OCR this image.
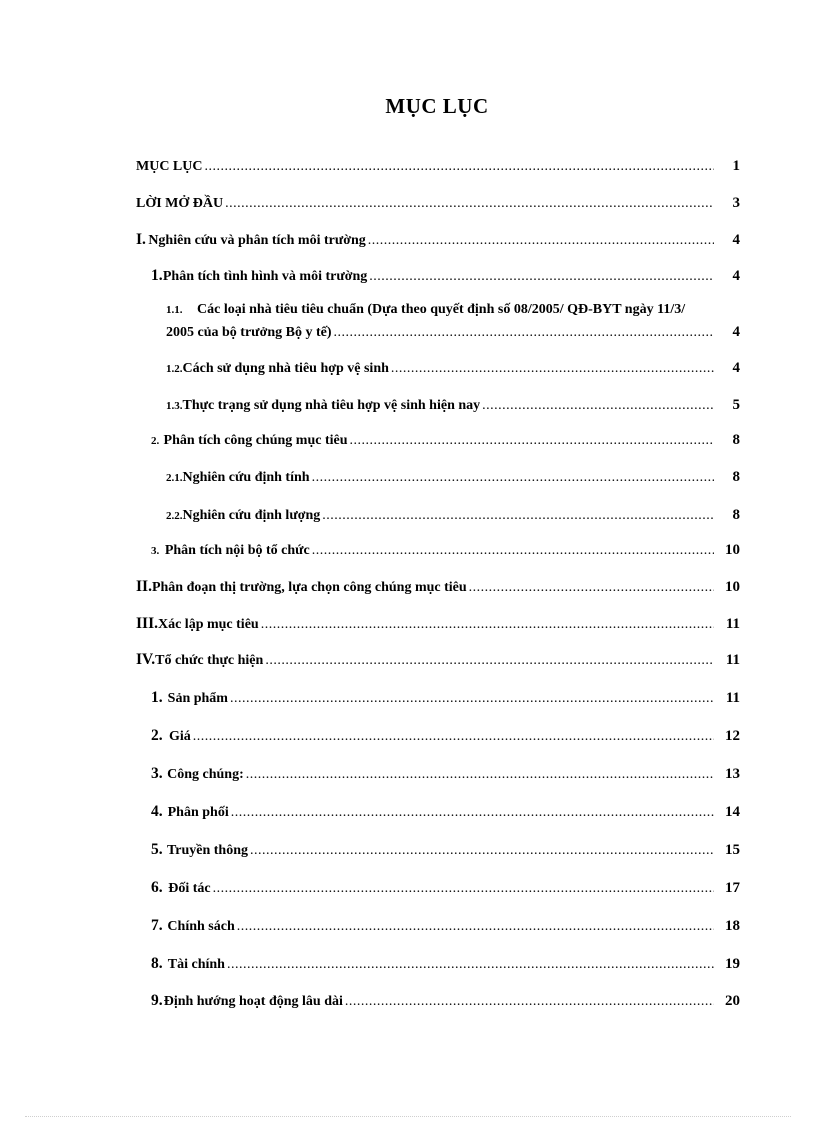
MỤC LỤC
MỤC LỤC .....	1
LỜI MỞ ĐẦU .....	3
I. Nghiên cứu và phân tích môi trường .....	4
1. Phân tích tình hình và môi trường .....	4
1.1. Các loại nhà tiêu tiêu chuẩn (Dựa theo quyết định số 08/2005/ QĐ-BYT ngày 11/3/
2005 của bộ trưởng Bộ y tế) .....	4
1.2. Cách sử dụng nhà tiêu hợp vệ sinh .....	4
1.3. Thực trạng sử dụng nhà tiêu hợp vệ sinh hiện nay .....	5
2. Phân tích công chúng mục tiêu .....	8
2.1. Nghiên cứu định tính .....	8
2.2. Nghiên cứu định lượng .....	8
3. Phân tích nội bộ tổ chức .....	10
II. Phân đoạn thị trường, lựa chọn công chúng mục tiêu .....	10
III. Xác lập mục tiêu .....	11
IV. Tổ chức thực hiện .....	11
1. Sản phẩm .....	11
2. Giá .....	12
3. Công chúng: .....	13
4. Phân phối .....	14
5. Truyền thông .....	15
6. Đối tác .....	17
7. Chính sách .....	18
8. Tài chính .....	19
9. Định hướng hoạt động lâu dài .....	20
